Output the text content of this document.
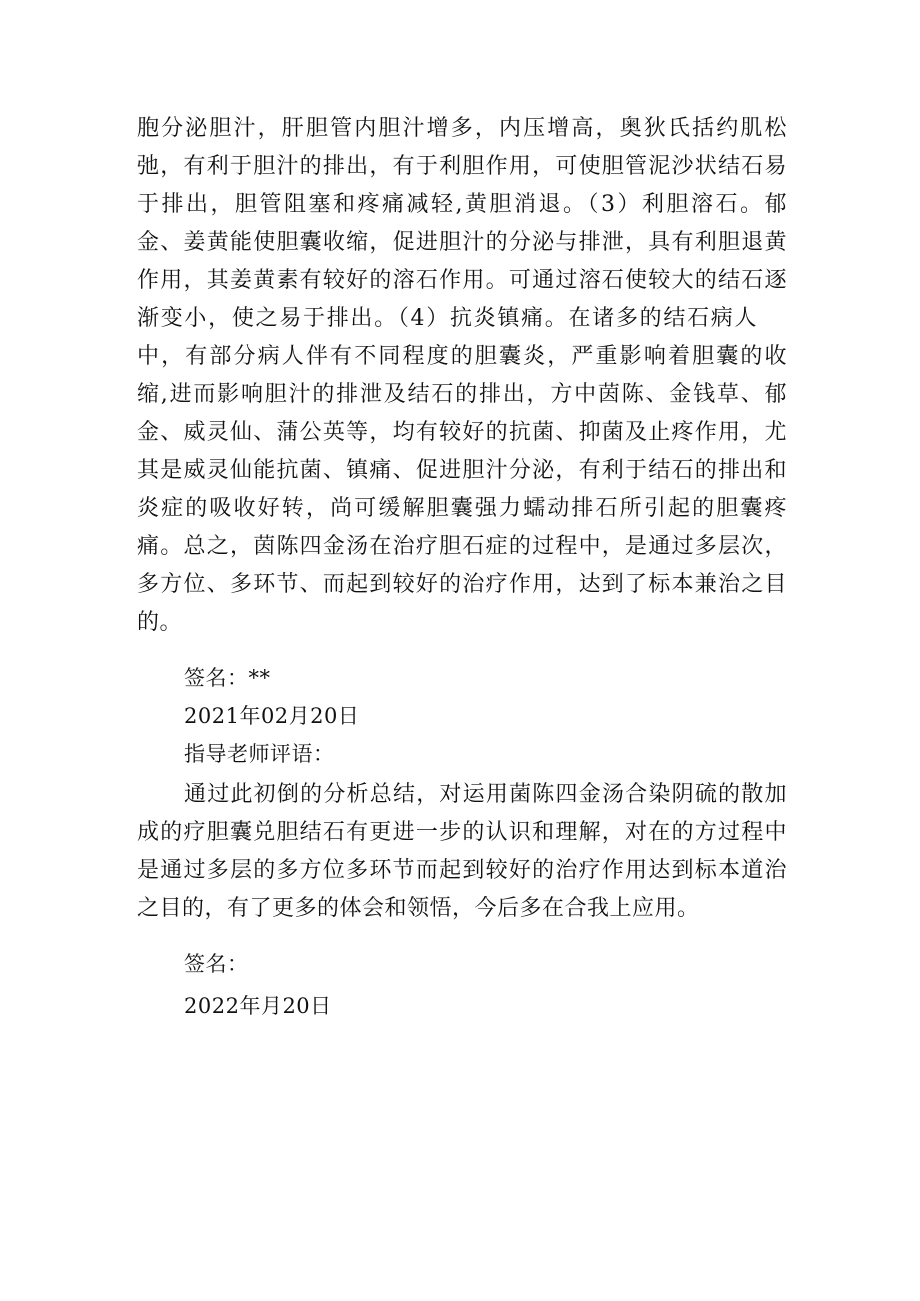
胞分泌胆汁，肝胆管内胆汁增多，内压增高，奥狄氏括约肌松
弛，有利于胆汁的排出，有于利胆作用，可使胆管泥沙状结石易
于排出，胆管阻塞和疼痛减轻,黄胆消退。（3）利胆溶石。郁
金、姜黄能使胆囊收缩，促进胆汁的分泌与排泄，具有利胆退黄
作用，其姜黄素有较好的溶石作用。可通过溶石使较大的结石逐
渐变小，使之易于排出。（4）抗炎镇痛。在诸多的结石病人
中，有部分病人伴有不同程度的胆囊炎，严重影响着胆囊的收
缩,进而影响胆汁的排泄及结石的排出，方中茵陈、金钱草、郁
金、威灵仙、蒲公英等，均有较好的抗菌、抑菌及止疼作用，尤
其是威灵仙能抗菌、镇痛、促进胆汁分泌，有利于结石的排出和
炎症的吸收好转，尚可缓解胆囊强力蠕动排石所引起的胆囊疼
痛。总之，茵陈四金汤在治疗胆石症的过程中，是通过多层次，
多方位、多环节、而起到较好的治疗作用，达到了标本兼治之目
的。
签名：**
2021年02月20日
指导老师评语：
通过此初倒的分析总结，对运用菌陈四金汤合染阴硫的散加
成的疗胆囊兑胆结石有更进一步的认识和理解，对在的方过程中
是通过多层的多方位多环节而起到较好的治疗作用达到标本道治
之目的，有了更多的体会和领悟，今后多在合我上应用。
签名：
2022年月20日
